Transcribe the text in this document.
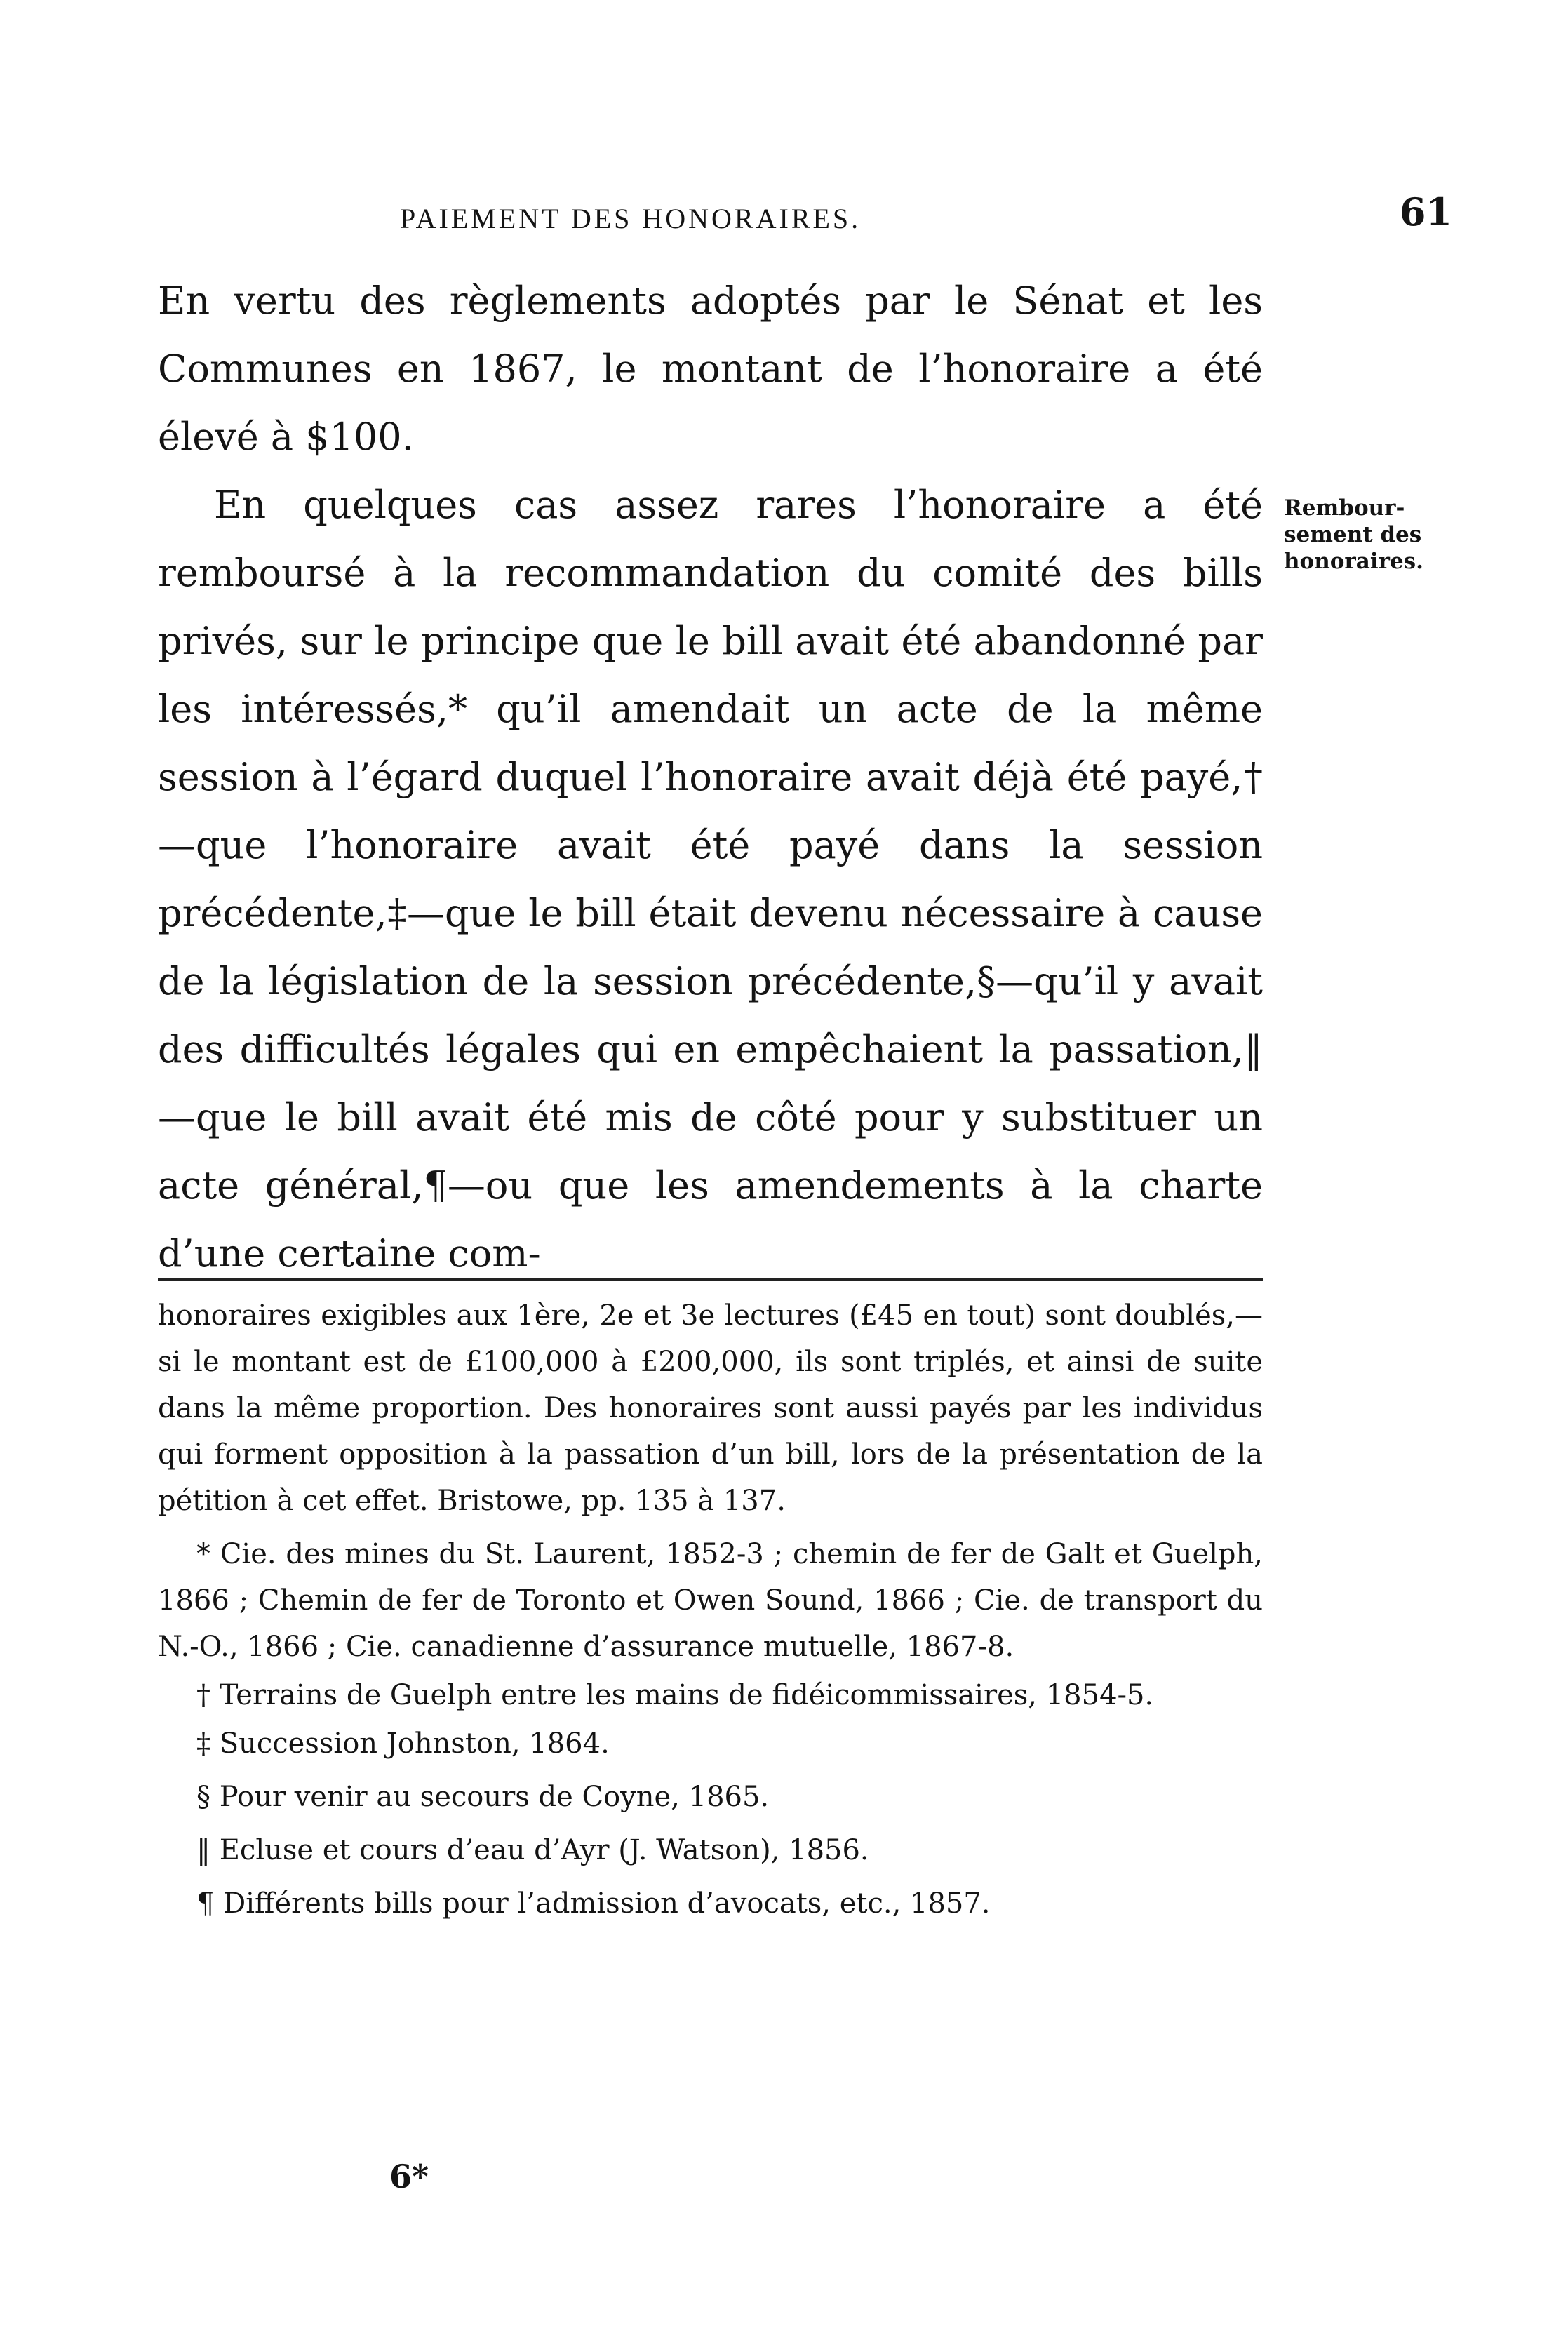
PAIEMENT DES HONORAIRES.	61

En vertu des règlements adoptés par le Sénat et les Communes en 1867, le montant de l’honoraire a été élevé à $100.

En quelques cas assez rares l’honoraire a été remboursé à la recommandation du comité des bills privés, sur le principe que le bill avait été abandonné par les intéressés,* qu’il amendait un acte de la même session à l’égard duquel l’honoraire avait déjà été payé,†—que l’honoraire avait été payé dans la session précédente,‡—que le bill était devenu nécessaire à cause de la législation de la session précédente,§—qu’il y avait des difficultés légales qui en empêchaient la passation,‖—que le bill avait été mis de côté pour y substituer un acte général,¶—ou que les amendements à la charte d’une certaine com-

Rembour-
sement des
honoraires.

honoraires exigibles aux 1ère, 2e et 3e lectures (£45 en tout) sont doublés,—si le montant est de £100,000 à £200,000, ils sont triplés, et ainsi de suite dans la même proportion. Des honoraires sont aussi payés par les individus qui forment opposition à la passation d’un bill, lors de la présentation de la pétition à cet effet. Bristowe, pp. 135 à 137.

* Cie. des mines du St. Laurent, 1852-3 ; chemin de fer de Galt et Guelph, 1866 ; Chemin de fer de Toronto et Owen Sound, 1866 ; Cie. de transport du N.-O., 1866 ; Cie. canadienne d’assurance mutuelle, 1867-8.

† Terrains de Guelph entre les mains de fidéicommissaires, 1854-5.

‡ Succession Johnston, 1864.

§ Pour venir au secours de Coyne, 1865.

‖ Ecluse et cours d’eau d’Ayr (J. Watson), 1856.

¶ Différents bills pour l’admission d’avocats, etc., 1857.

6*
